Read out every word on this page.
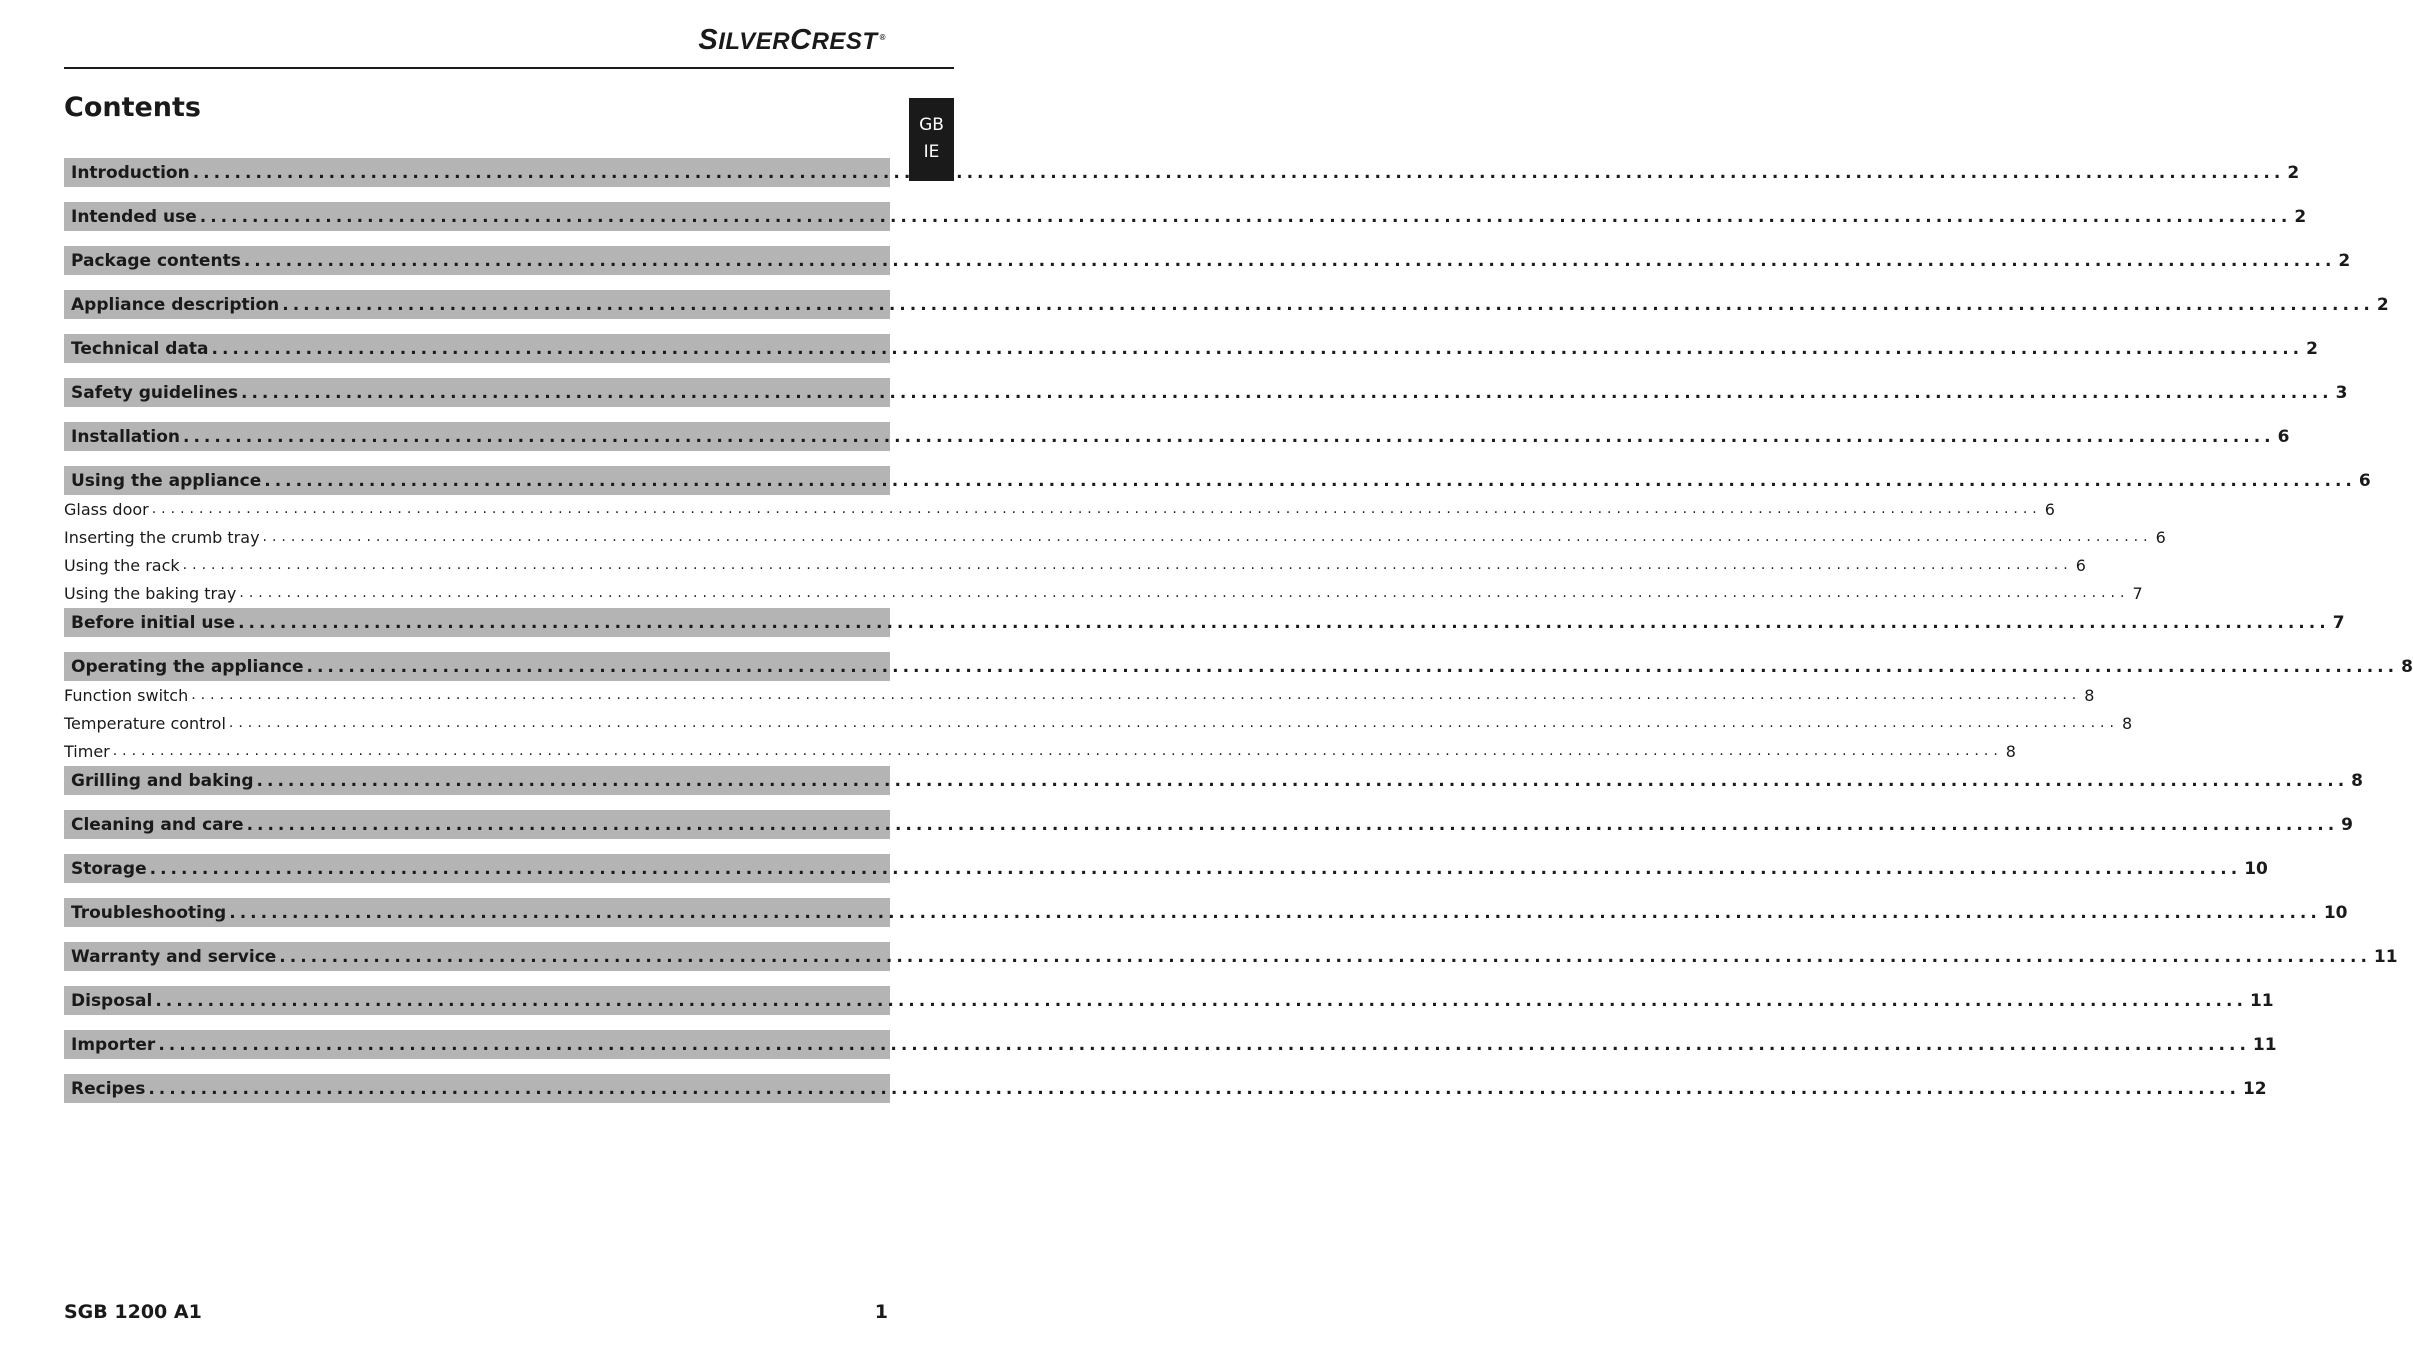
SILVERCREST ®
GB
IE
Contents
Introduction ........................................................................................................................................................................................................ 2
Intended use ........................................................................................................................................................................................................ 2
Package contents ........................................................................................................................................................................................................ 2
Appliance description ........................................................................................................................................................................................................ 2
Technical data ........................................................................................................................................................................................................ 2
Safety guidelines ........................................................................................................................................................................................................ 3
Installation ........................................................................................................................................................................................................ 6
Using the appliance ........................................................................................................................................................................................................ 6
Glass door ........................................................................................................................................................................................................ 6
Inserting the crumb tray ........................................................................................................................................................................................................ 6
Using the rack ........................................................................................................................................................................................................ 6
Using the baking tray ........................................................................................................................................................................................................ 7
Before initial use ........................................................................................................................................................................................................ 7
Operating the appliance ........................................................................................................................................................................................................ 8
Function switch ........................................................................................................................................................................................................ 8
Temperature control ........................................................................................................................................................................................................ 8
Timer ........................................................................................................................................................................................................ 8
Grilling and baking ........................................................................................................................................................................................................ 8
Cleaning and care ........................................................................................................................................................................................................ 9
Storage ........................................................................................................................................................................................................ 10
Troubleshooting ........................................................................................................................................................................................................ 10
Warranty and service ........................................................................................................................................................................................................ 11
Disposal ........................................................................................................................................................................................................ 11
Importer ........................................................................................................................................................................................................ 11
Recipes ........................................................................................................................................................................................................ 12
SGB 1200 A1	1
